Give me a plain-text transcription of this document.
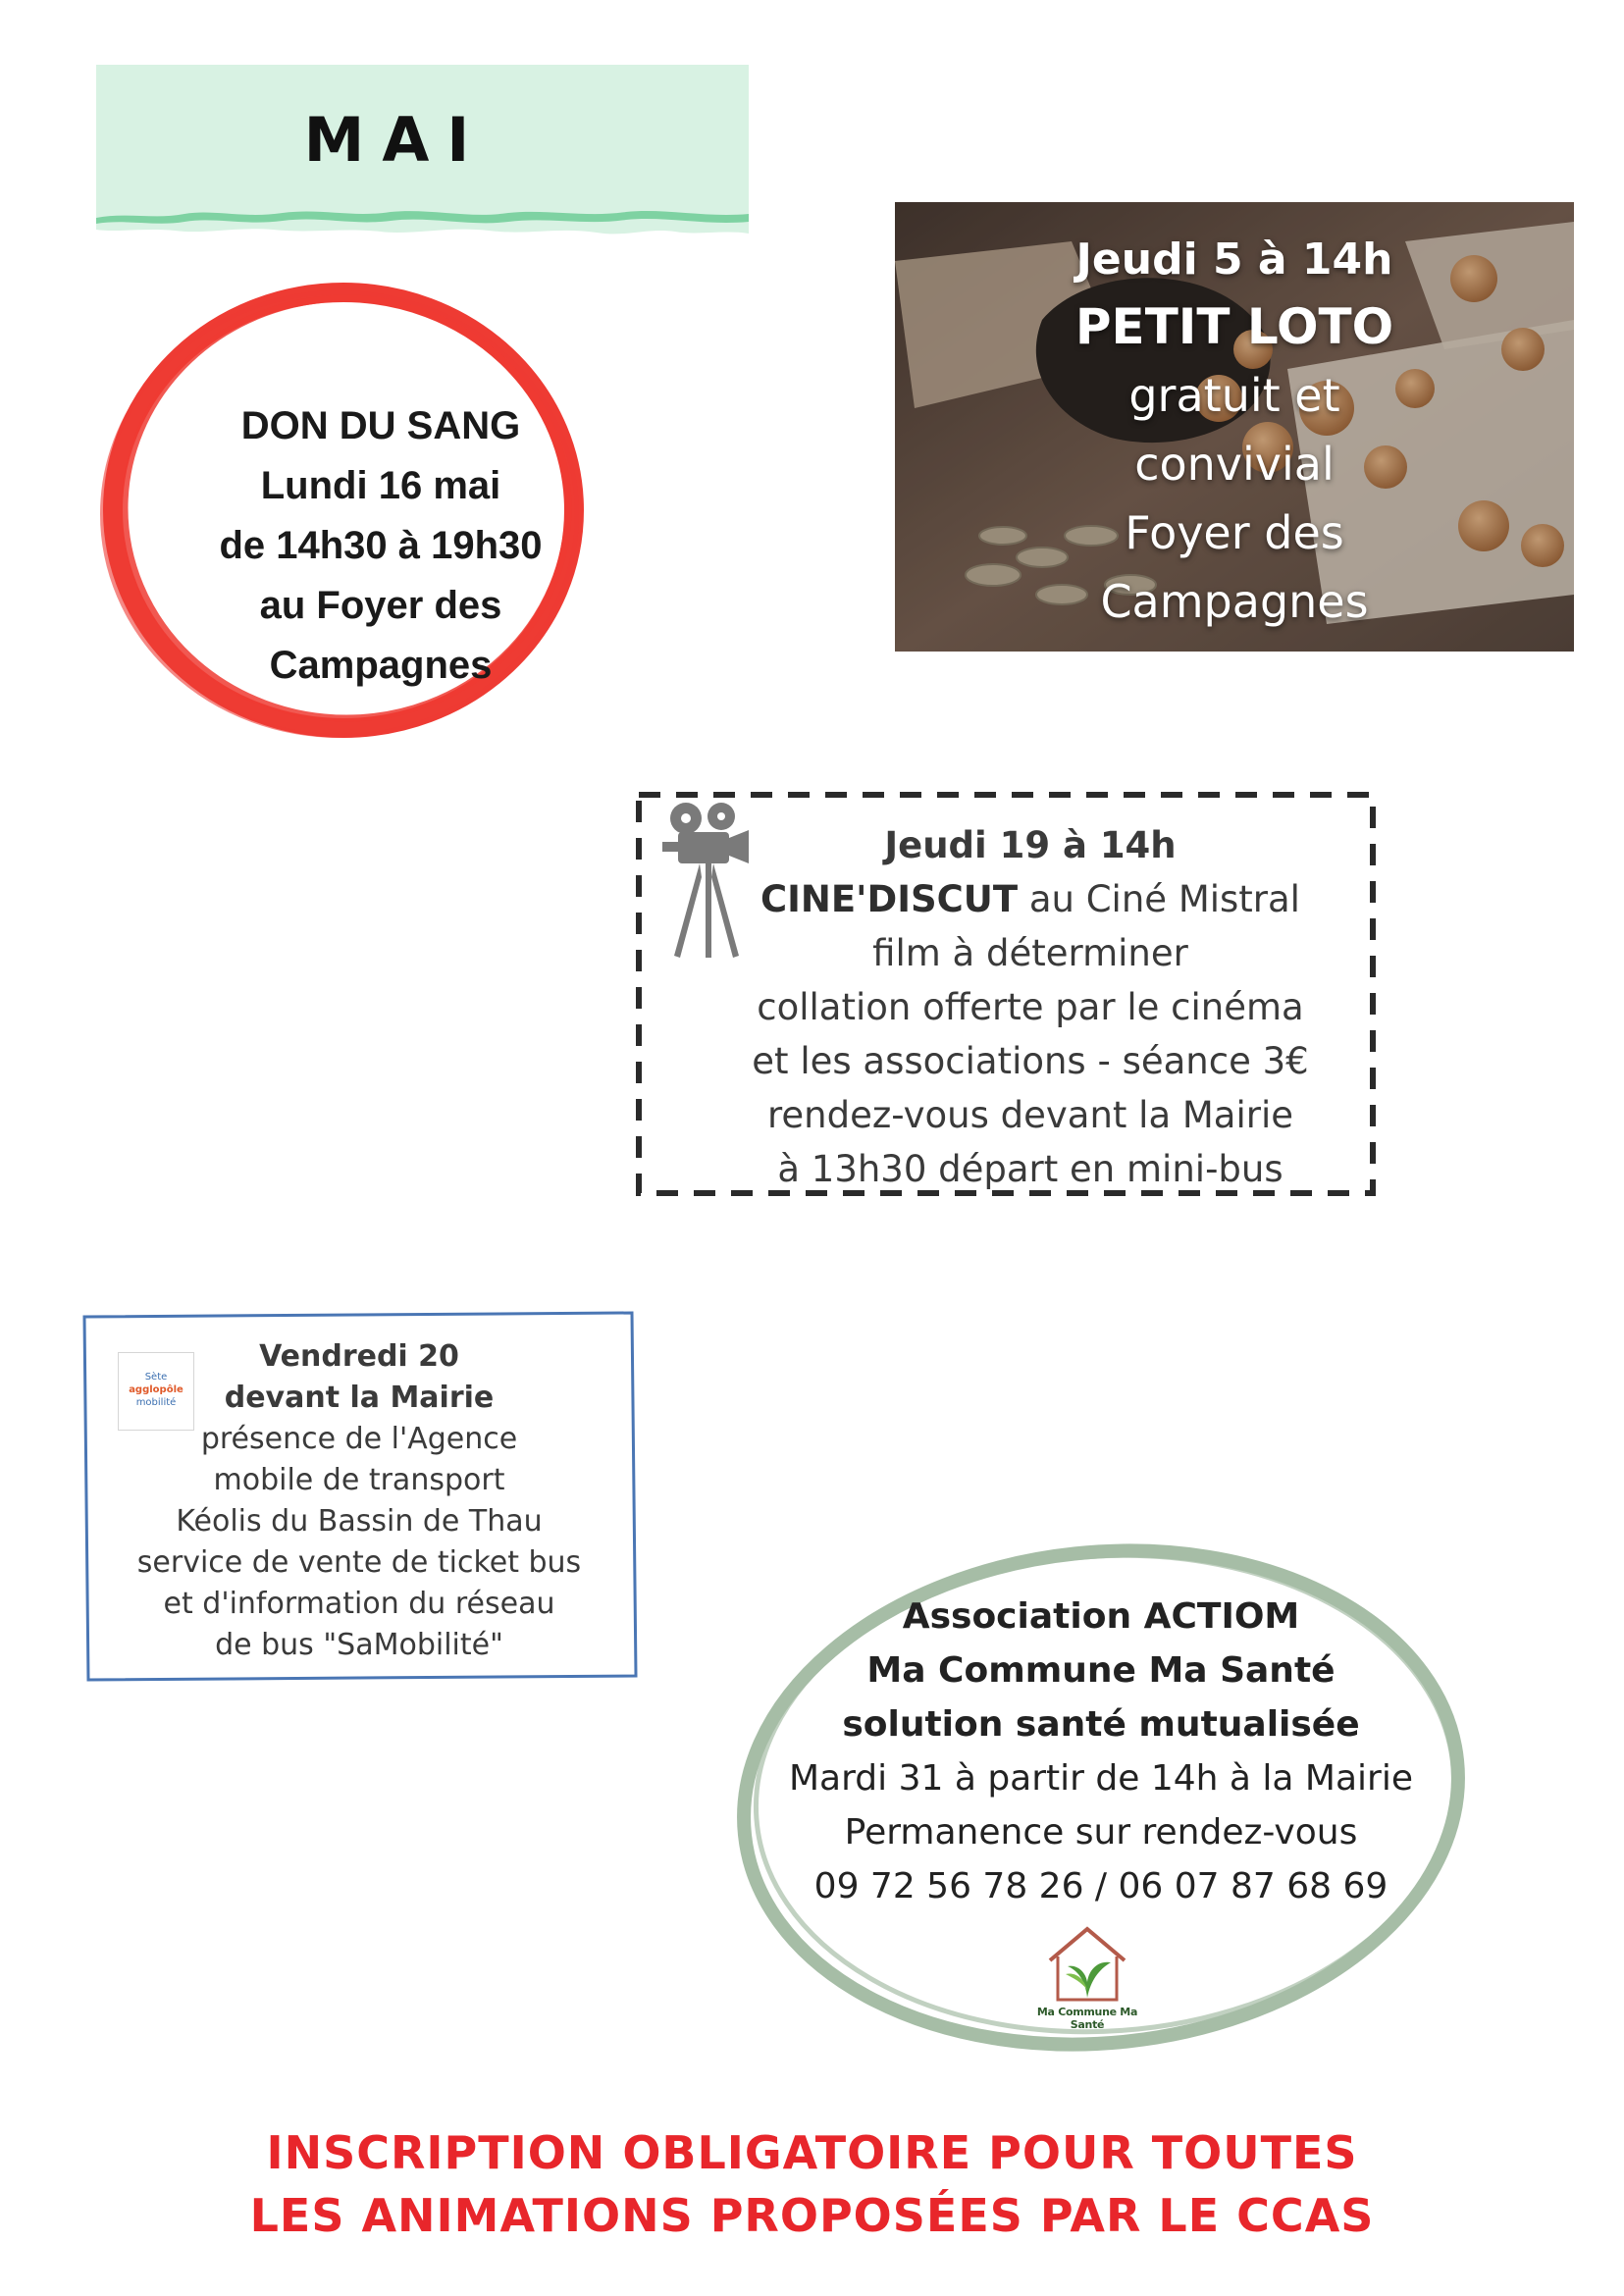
MAI
DON DU SANG
Lundi 16 mai
de 14h30 à 19h30
au Foyer des
Campagnes
Jeudi 5 à 14h
PETIT LOTO
gratuit et
convivial
Foyer des
Campagnes
Jeudi 19 à 14h
CINE'DISCUT au Ciné Mistral
film à déterminer
collation offerte par le cinéma
et les associations - séance 3€
rendez-vous devant la Mairie
à 13h30 départ en mini-bus
Sète
agglopôle
mobilité
Vendredi 20
devant la Mairie
présence de l'Agence
mobile de transport
Kéolis du Bassin de Thau
service de vente de ticket bus
et d'information du réseau
de bus "SaMobilité"
Association ACTIOM
Ma Commune Ma Santé
solution santé mutualisée
Mardi 31 à partir de 14h à la Mairie
Permanence sur rendez-vous
09 72 56 78 26 / 06 07 87 68 69
Ma Commune Ma Santé
INSCRIPTION OBLIGATOIRE POUR TOUTES
LES ANIMATIONS PROPOSÉES PAR LE CCAS
